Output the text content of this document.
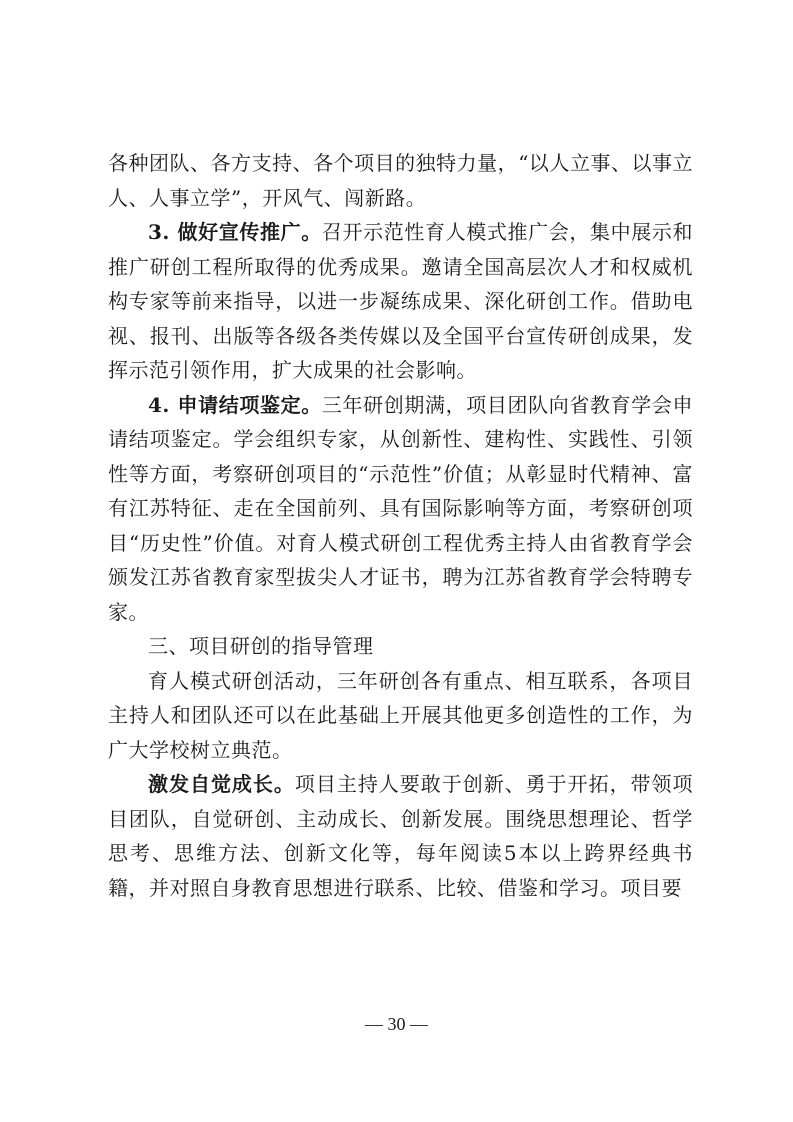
各种团队、各方支持、各个项目的独特力量，“以人立事、以事立人、人事立学”，开风气、闯新路。

3. 做好宣传推广。召开示范性育人模式推广会，集中展示和推广研创工程所取得的优秀成果。邀请全国高层次人才和权威机构专家等前来指导，以进一步凝练成果、深化研创工作。借助电视、报刊、出版等各级各类传媒以及全国平台宣传研创成果，发挥示范引领作用，扩大成果的社会影响。

4. 申请结项鉴定。三年研创期满，项目团队向省教育学会申请结项鉴定。学会组织专家，从创新性、建构性、实践性、引领性等方面，考察研创项目的“示范性”价值；从彰显时代精神、富有江苏特征、走在全国前列、具有国际影响等方面，考察研创项目“历史性”价值。对育人模式研创工程优秀主持人由省教育学会颁发江苏省教育家型拔尖人才证书，聘为江苏省教育学会特聘专家。

三、项目研创的指导管理

育人模式研创活动，三年研创各有重点、相互联系，各项目主持人和团队还可以在此基础上开展其他更多创造性的工作，为广大学校树立典范。

激发自觉成长。项目主持人要敢于创新、勇于开拓，带领项目团队，自觉研创、主动成长、创新发展。围绕思想理论、哲学思考、思维方法、创新文化等，每年阅读5本以上跨界经典书籍，并对照自身教育思想进行联系、比较、借鉴和学习。项目要

— 30 —
